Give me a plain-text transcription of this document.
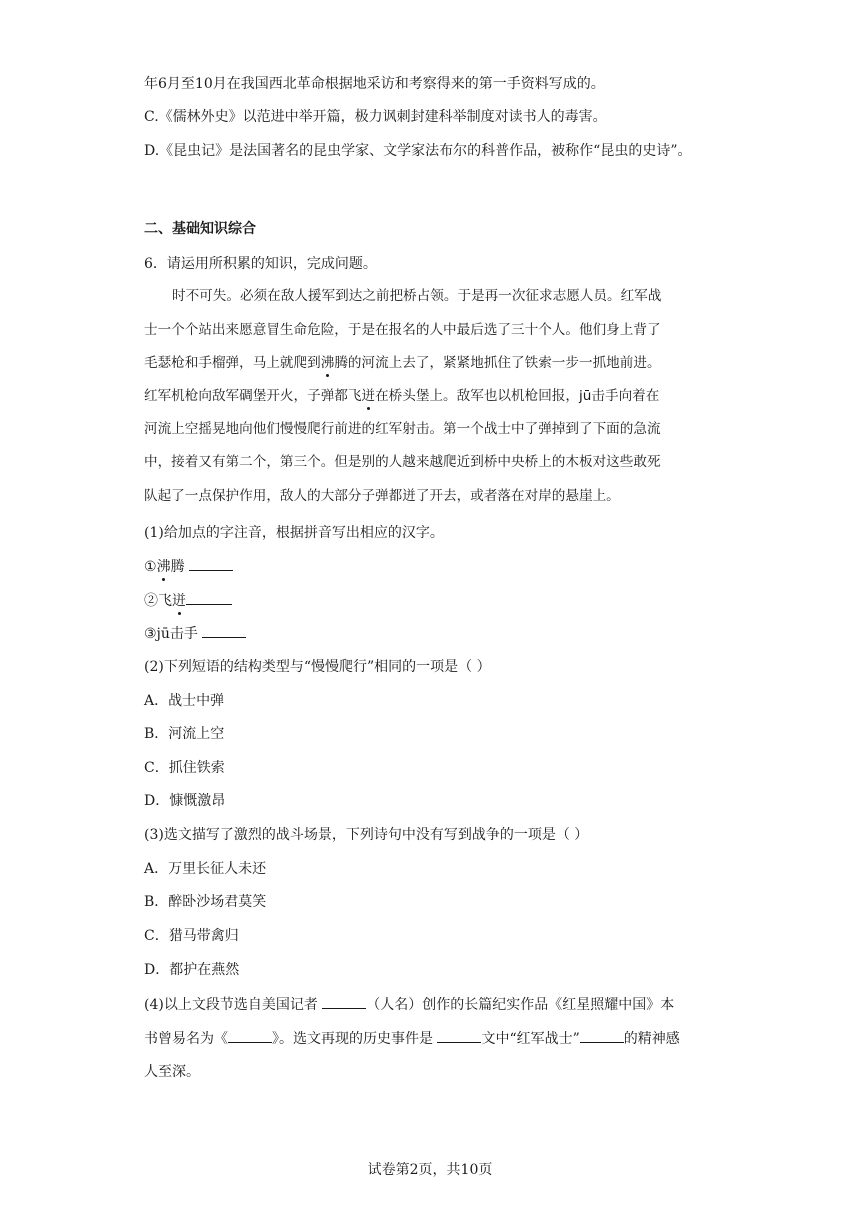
年6月至10月在我国西北革命根据地采访和考察得来的第一手资料写成的。
C.《儒林外史》以范进中举开篇，极力讽刺封建科举制度对读书人的毒害。
D.《昆虫记》是法国著名的昆虫学家、文学家法布尔的科普作品，被称作“昆虫的史诗”。
二、基础知识综合
6．请运用所积累的知识，完成问题。
时不可失。必须在敌人援军到达之前把桥占领。于是再一次征求志愿人员。红军战
士一个个站出来愿意冒生命危险，于是在报名的人中最后选了三十个人。他们身上背了
毛瑟枪和手榴弹，马上就爬到沸腾的河流上去了，紧紧地抓住了铁索一步一抓地前进。
红军机枪向敌军碉堡开火，子弹都飞迸在桥头堡上。敌军也以机枪回报，jū击手向着在
河流上空摇晃地向他们慢慢爬行前进的红军射击。第一个战士中了弹掉到了下面的急流
中，接着又有第二个，第三个。但是别的人越来越爬近到桥中央桥上的木板对这些敢死
队起了一点保护作用，敌人的大部分子弹都迸了开去，或者落在对岸的悬崖上。
(1)给加点的字注音，根据拼音写出相应的汉字。
①沸腾
②飞迸
③jū击手
(2)下列短语的结构类型与“慢慢爬行”相同的一项是（ ）
A．战士中弹
B．河流上空
C．抓住铁索
D．慷慨激昂
(3)选文描写了激烈的战斗场景，下列诗句中没有写到战争的一项是（ ）
A．万里长征人未还
B．醉卧沙场君莫笑
C．猎马带禽归
D．都护在燕然
(4)以上文段节选自美国记者	（人名）创作的长篇纪实作品《红星照耀中国》本
书曾易名为《	》。选文再现的历史事件是	文中“红军战士”	的精神感
人至深。
试卷第2页，共10页
